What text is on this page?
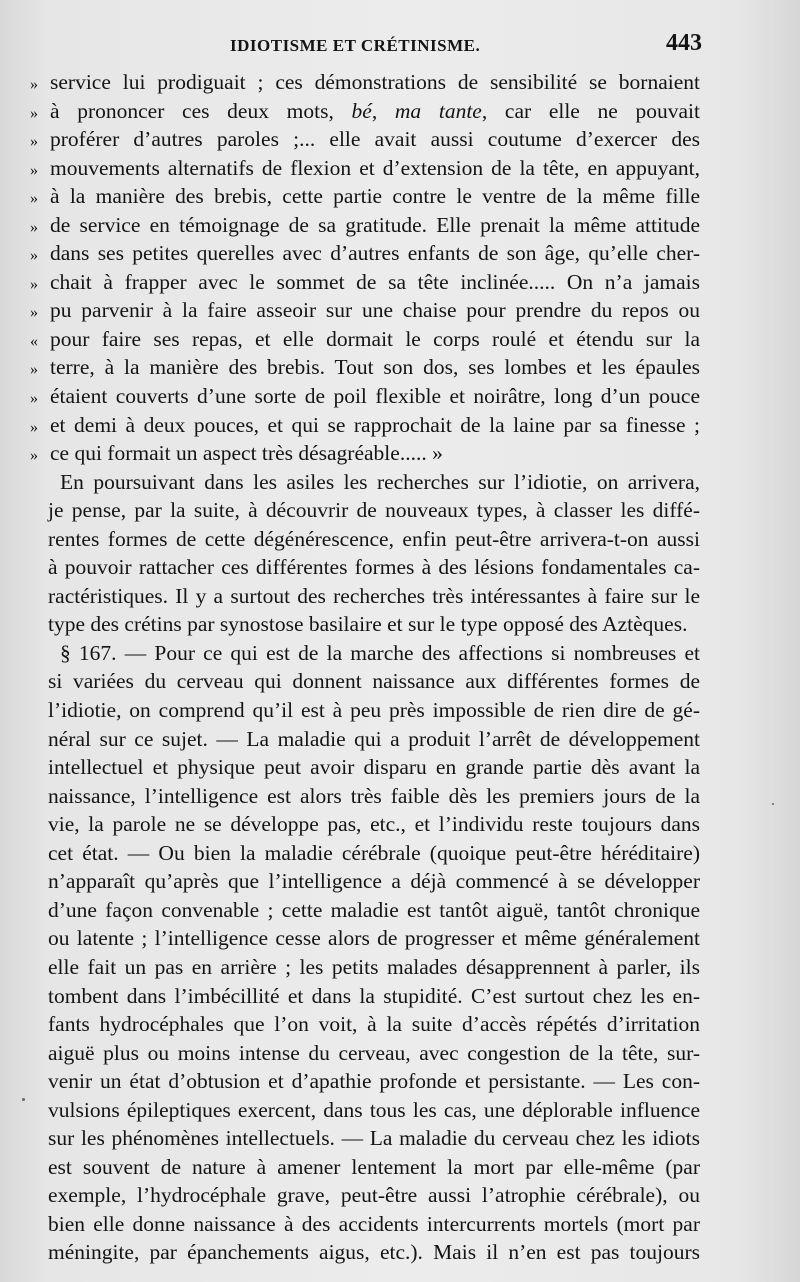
IDIOTISME ET CRÉTINISME.	443
» service lui prodiguait ; ces démonstrations de sensibilité se bornaient
» à prononcer ces deux mots, bé, ma tante, car elle ne pouvait
» proférer d’autres paroles ;... elle avait aussi coutume d’exercer des
» mouvements alternatifs de flexion et d’extension de la tête, en appuyant,
» à la manière des brebis, cette partie contre le ventre de la même fille
» de service en témoignage de sa gratitude. Elle prenait la même attitude
» dans ses petites querelles avec d’autres enfants de son âge, qu’elle cher-
» chait à frapper avec le sommet de sa tête inclinée..... On n’a jamais
» pu parvenir à la faire asseoir sur une chaise pour prendre du repos ou
« pour faire ses repas, et elle dormait le corps roulé et étendu sur la
» terre, à la manière des brebis. Tout son dos, ses lombes et les épaules
» étaient couverts d’une sorte de poil flexible et noirâtre, long d’un pouce
» et demi à deux pouces, et qui se rapprochait de la laine par sa finesse ;
» ce qui formait un aspect très désagréable..... »
En poursuivant dans les asiles les recherches sur l’idiotie, on arrivera,
je pense, par la suite, à découvrir de nouveaux types, à classer les diffé-
rentes formes de cette dégénérescence, enfin peut-être arrivera-t-on aussi
à pouvoir rattacher ces différentes formes à des lésions fondamentales ca-
ractéristiques. Il y a surtout des recherches très intéressantes à faire sur le
type des crétins par synostose basilaire et sur le type opposé des Aztèques.
§ 167. — Pour ce qui est de la marche des affections si nombreuses et
si variées du cerveau qui donnent naissance aux différentes formes de
l’idiotie, on comprend qu’il est à peu près impossible de rien dire de gé-
néral sur ce sujet. — La maladie qui a produit l’arrêt de développement
intellectuel et physique peut avoir disparu en grande partie dès avant la
naissance, l’intelligence est alors très faible dès les premiers jours de la
vie, la parole ne se développe pas, etc., et l’individu reste toujours dans
cet état. — Ou bien la maladie cérébrale (quoique peut-être héréditaire)
n’apparaît qu’après que l’intelligence a déjà commencé à se développer
d’une façon convenable ; cette maladie est tantôt aiguë, tantôt chronique
ou latente ; l’intelligence cesse alors de progresser et même généralement
elle fait un pas en arrière ; les petits malades désapprennent à parler, ils
tombent dans l’imbécillité et dans la stupidité. C’est surtout chez les en-
fants hydrocéphales que l’on voit, à la suite d’accès répétés d’irritation
aiguë plus ou moins intense du cerveau, avec congestion de la tête, sur-
venir un état d’obtusion et d’apathie profonde et persistante. — Les con-
vulsions épileptiques exercent, dans tous les cas, une déplorable influence
sur les phénomènes intellectuels. — La maladie du cerveau chez les idiots
est souvent de nature à amener lentement la mort par elle-même (par
exemple, l’hydrocéphale grave, peut-être aussi l’atrophie cérébrale), ou
bien elle donne naissance à des accidents intercurrents mortels (mort par
méningite, par épanchements aigus, etc.). Mais il n’en est pas toujours
